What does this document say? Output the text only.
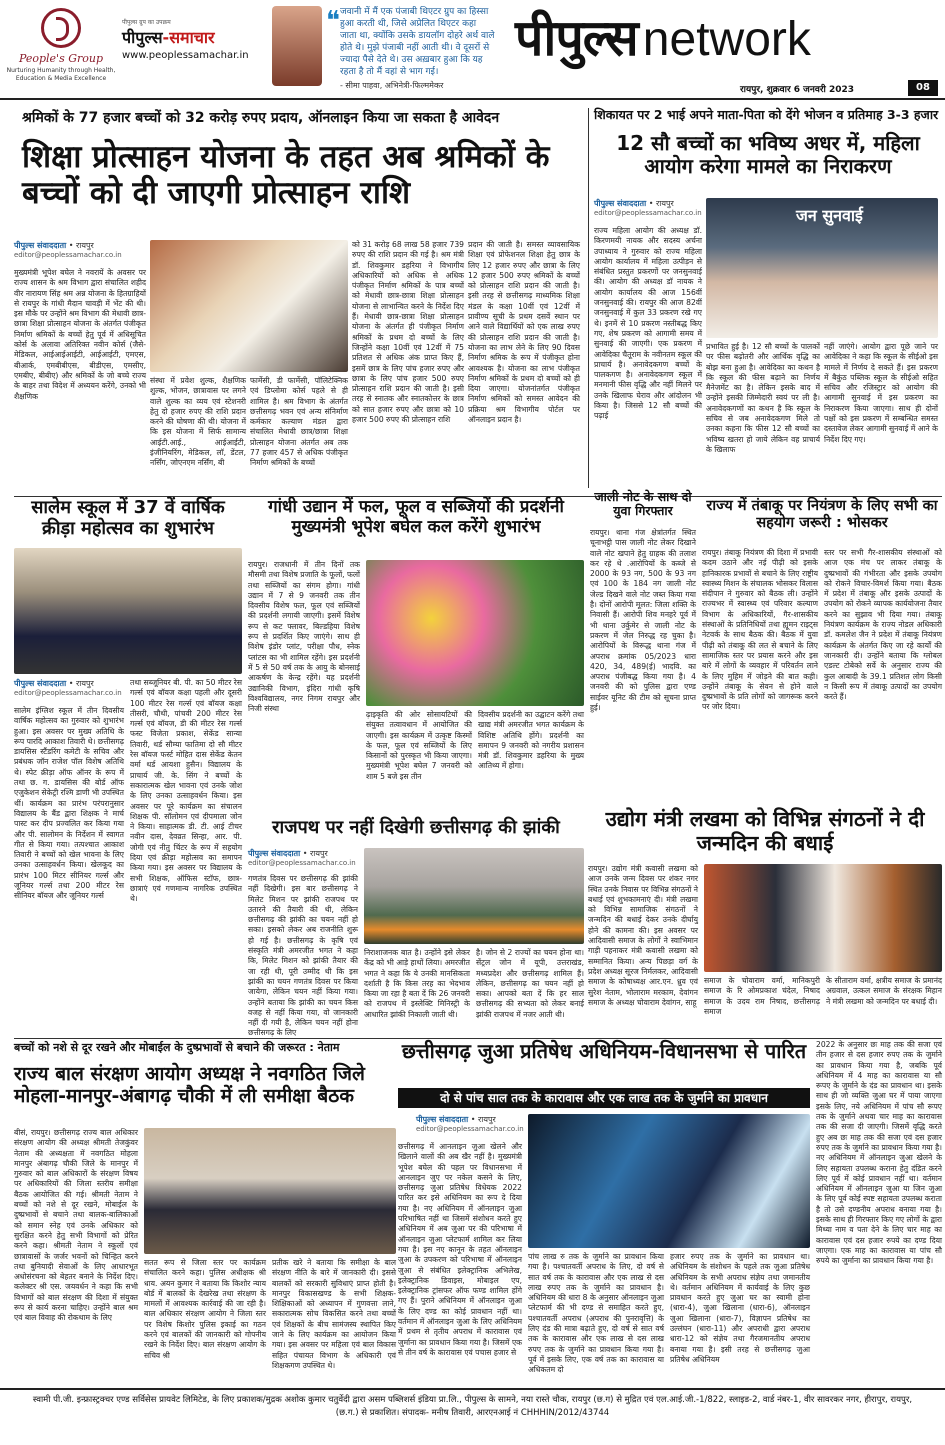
People's Group
Nurturing Humanity through Health, Education & Media Excellence
पीपुल्स ग्रुप का उपक्रम
पीपुल्स-समाचार
www.peoplessamachar.in
❝ जवानी में मैं एक पंजाबी थिएटर ग्रुप का हिस्सा हुआ करती थी, जिसे अप्रेलित थिएटर कहा जाता था, क्योंकि उसके डायलॉग दोहरे अर्थ वाले होते थे। मुझे पंजाबी नहीं आती थी। वे दूसरों से ज्यादा पैसे देते थे। उस अख़बार हुआ कि यह रहता है तो मैं वहां से भाग गई।
- सीमा पाहवा, अभिनेत्री-फिल्ममेकर
पीपुल्स network
रायपुर, शुक्रवार 6 जनवरी 2023	08
श्रमिकों के 77 हजार बच्चों को 32 करोड़ रुपए प्रदाय, ऑनलाइन किया जा सकता है आवेदन
शिक्षा प्रोत्साहन योजना के तहत अब श्रमिकों के बच्चों को दी जाएगी प्रोत्साहन राशि
पीपुल्स संवाददाता • रायपुर
editor@peoplessamachar.co.in
मुख्यमंत्री भूपेश बघेल ने नवरायें के अवसर पर राज्य शासन के श्रम विभाग द्वारा संचालित शहीद वीर नारायण सिंह श्रम अन्न योजना के हितग्राहियों से रायपुर के गांधी मैदान चावड़ी में भेंट की थी। इस मौके पर उन्होंने श्रम विभाग की मेधावी छात्र-छात्रा शिक्षा प्रोत्साहन योजना के अंतर्गत पंजीकृत निर्माण श्रमिकों के बच्चों हेतु पूर्व में अधिसूचित कोर्स के अलावा अतिरिक्त नवीन कोर्स (जैसे-मेडिकल, आईआईआईटी, आईआईटी, एमएस, बीआर्क, एमबीबीएस, बीडीएस, एमसीए, एमबीए, बीबीए) और श्रमिकों के जो बच्चे राज्य के बाहर तथा विदेश में अध्ययन करेंगे, उनको भी शैक्षणिक
संस्था में प्रवेश शुल्क, शैक्षणिक शुल्क, भोजन, छात्रावास पर लगने वाले शुल्क का व्यय एवं स्टेशनरी हेतु दो हजार रुपए की राशि प्रदान करने की घोषणा की थी। योजना में कि इस योजना में सिर्फ सामान्य आईटी.आई., आईआईटी, इंजीनियरिंग, मेडिकल, लॉ, डेंटल, नर्सिंग, जोएनएम नर्सिंग, बी
फार्मेसी, डी फार्मेसी, पॉलिटेक्निक एवं डिप्लोमा कोर्स पहले से ही शामिल है। श्रम विभाग के अंतर्गत छत्तीसगढ़ भवन एवं अन्य संनिर्माण कर्मकार कल्याण मंडल द्वारा संचालित मेधावी छात्र/छात्रा शिक्षा प्रोत्साहन योजना अंतर्गत अब तक 77 हजार 457 से अधिक पंजीकृत निर्माण श्रमिकों के बच्चों
को 31 करोड़ 68 लाख 58 हजार 739 रुपए की राशि प्रदान की गई है। श्रम मंत्री डॉ. शिवकुमार डहरिया ने विभागीय अधिकारियों को अधिक से अधिक पंजीकृत निर्माण श्रमिकों के पात्र बच्चों को मेधावी छात्र-छात्रा शिक्षा प्रोत्साहन योजना से लाभान्वित करने के निर्देश दिए हैं। मेधावी छात्र-छात्रा शिक्षा प्रोत्साहन योजना के अंतर्गत ही पंजीकृत निर्माण श्रमिकों के प्रथम दो बच्चों के लिए जिन्होंने कक्षा 10वीं एवं 12वीं में 75 प्रतिशत से अधिक अंक प्राप्त किए हैं, इसमें छात्र के लिए पांच हजार रुपए और छात्रा के लिए पांच हजार 500 रुपए प्रोत्साहन राशि प्रदान की जाती है। इसी तरह से स्नातक और स्नातकोत्तर के छात्र को सात हजार रुपए और छात्रा को 10 हजार 500 रुपए की प्रोत्साहन राशि
प्रदान की जाती है। समस्त व्यावसायिक शिक्षा एवं प्रोफेशनल शिक्षा हेतु छात्र के लिए 12 हजार रुपए और छात्रा के लिए 12 हजार 500 रुपए श्रमिकों के बच्चों को प्रोत्साहन राशि प्रदान की जाती है। इसी तरह से छत्तीसगढ़ माध्यमिक शिक्षा मंडल के कक्षा 10वीं एवं 12वीं में प्रावीण्य सूची के प्रथम दसवें स्थान पर आने वाले विद्यार्थियों को एक लाख रुपए की प्रोत्साहन राशि प्रदान की जाती है। योजना का लाभ लेने के लिए 90 दिवस निर्माण श्रमिक के रूप में पंजीकृत होना आवश्यक है। योजना का लाभ पंजीकृत निर्माण श्रमिकों के प्रथम दो बच्चों को ही दिया जाएगा। योजनांतर्गत पंजीकृत निर्माण श्रमिकों को समस्त आवेदन की प्रक्रिया श्रम विभागीय पोर्टल पर ऑनलाइन प्रदान है।
शिकायत पर 2 भाई अपने माता-पिता को देंगे भोजन व प्रतिमाह 3-3 हजार
12 सौ बच्चों का भविष्य अधर में, महिला आयोग करेगा मामले का निराकरण
पीपुल्स संवाददाता • रायपुर
editor@peoplessamachar.co.in
राज्य महिला आयोग की अध्यक्ष डॉ. किरणमयी नायक और सदस्य अर्चना उपाध्याय ने गुरुवार को राज्य महिला आयोग कार्यालय में महिला उत्पीड़न से संबंधित प्रस्तुत प्रकरणों पर जनसुनवाई की। आयोग की अध्यक्ष डॉ नायक ने आयोग कार्यालय की आज 156वीं जनसुनवाई की। रायपुर की आज 82वीं जनसुनवाई में कुल 33 प्रकरण रखे गए थे। इनमें से 10 प्रकरण नस्तीबद्ध किए गए, शेष प्रकरण को आगामी समय में सुनवाई की जाएगी। एक प्रकरण में आवेदिका चैतूराम के नवीनतम स्कूल की प्राचार्य है। अनावेदकगण बच्चों के पालकगण है। अनावेदकगण स्कूल में मनमानी फीस वृद्धि और नहीं मिलने पर उनके खिलाफ घेराव और आंदोलन भी किया है। जिससे 12 सौ बच्चों की पढ़ाई
जन सुनवाई
प्रभावित हुई है। 12 सौ बच्चों के पालकों पर फीस बढ़ोतरी और आर्थिक वृद्धि का बोझ बना हुआ है। आवेदिका का कथन है कि स्कूल की फीस बढ़ाने का निर्णय मैनेजमेंट का है। लेकिन इसके बाद में उन्होंने इसकी जिम्मेदारी स्वयं पर ली है। अनावेदकगणों का कथन है कि स्कूल के सचिव से जब अनावेदकगण मिले तो उनका कहना कि फीस 12 सौ बच्चों का भविष्य खतरा हो जाये लेकिन वह प्राचार्य के खिलाफ
नहीं जाएंगे। आयोग द्वारा पूछे जाने पर आवेदिका ने कहा कि स्कूल के सीईओ इस मामले में निर्णय दे सकते हैं। इस प्रकरण में बैकुंठ पब्लिक स्कूल के सीईओ सहित सचिव और रजिस्ट्रार को आयोग की आगामी सुनवाई में इस प्रकरण का निराकरण किया जाएगा। साथ ही दोनों पक्षों को इस प्रकरण में सम्बन्धित समस्त दस्तावेज लेकर आगामी सुनवाई में आने के निर्देश दिए गए।
सालेम स्कूल में 37 वें वार्षिक क्रीड़ा महोत्सव का शुभारंभ
पीपुल्स संवाददाता • रायपुर
editor@peoplessamachar.co.in
सालेम इंग्लिश स्कूल में तीन दिवसीय वार्षिक महोत्सव का गुरुवार को शुभारंभ हुआ। इस अवसर पर मुख्य अतिथि के रूप पारदि आकाश तिवारी थे। छत्तीसगढ़ डायसिस स्टैंडरिंग कमेटी के सचिव और प्रबंधक जॉन राजेश पॉल विशेष अतिथि थे। स्पेट क्रीड़ा ऑफ ऑनर के रूप में तथा छ. ग. डायसिस की बोर्ड ऑफ एजुकेशन सेकेट्री रश्मि डाणी भी उपस्थित थीं। कार्यक्रम का प्रारंभ परंपरानुसार विद्यालय के बैंड द्वारा शिक्षक ने मार्च पास्ट कर दीप प्रज्वलित कर किया गया और पी. सालोमन के निर्देशन में स्वागत गीत से किया गया। तत्पश्चात आकाश तिवारी ने बच्चों को खेल भावना के लिए उनका उत्साहवर्धन किया। खेलकूद का प्रारंभ 100 मिटर सीनियर गर्ल्स और जूनियर गर्ल्स तथा 200 मीटर रेस सीनियर बॉयज और जूनियर गर्ल्स
तथा सब्जूनियर बी. पी. का 50 मीटर रेस गर्ल्स एवं बॉयज कक्षा पहली और दूसरी 100 मीटर रेस गर्ल्स एवं बॉयज कक्षा तीसरी, चौथी, पांचवी 200 मीटर रेस गर्ल्स एवं बॉयज, डी की मीटर रेस गर्ल्स फस्ट विजेता प्रकाश, सेकेंड सान्या तिवारी, थर्ड सौम्या फातिमा दो सौ मीटर रेस बॉयज फर्स्ट मोहित दास सेकेंड केतन वर्मा थर्ड आयशा हुसैन। विद्यालय के प्राचार्य जी. के. सिंग ने बच्चों के सकारात्मक खेल भावना एवं उनके जोश के लिए उनका उत्साहवर्धन किया। इस अवसर पर पूरे कार्यक्रम का संचालन शिक्षक पी. सॉलोमन एवं दीपमाला जोन ने किया। साहात्मक डी. टी. आई टीचर नवीन दास, देवव्रत सिन्हा, आर. पी. जोगी एवं नीतु चिंटर के रूप में सहयोग दिया एवं क्रीड़ा महोत्सव का समापन किया गया। इस अवसर पर विद्यालय के सभी शिक्षक, ऑफिस स्टॉफ, छात्र-छात्राएं एवं गणमान्य नागरिक उपस्थित थे।
गांधी उद्यान में फल, फूल व सब्जियों की प्रदर्शनी मुख्यमंत्री भूपेश बघेल कल करेंगे शुभारंभ
रायपुर। राजधानी में तीन दिनों तक मौसमी तथा विशेष प्रजाति के फूलों, फलों तथा सब्जियों का संगम होगा। गांधी उद्यान में 7 से 9 जनवरी तक तीन दिवसीय विशेष फल, फूल एवं सब्जियों की प्रदर्शनी लगायी जाएगी। इसमें विशेष रूप से कट फ्लावर, बिल्डहिया विशेष रूप से प्रदर्शित किए जाएंगे। साथ ही विशेष इंडोर प्लांट, परीक्षा पौध, स्नेक प्लांटस का भी शामिल रहेंगे। इस प्रदर्शनी में 5 से 50 वर्ष तक के आयु के बोनसाई आकर्षण के केन्द्र रहेंगे। यह प्रदर्शनी उद्यानिकी विभाग, इंदिरा गांधी कृषि विश्वविद्यालय, नगर निगम रायपुर और निजी संस्था
ढ़ाइकृति की ओर सोसायटियों की संयुक्त तत्वावधान में आयोजित की जाएगी। इस कार्यक्रम में उत्कृष्ट किस्मों के फल, फूल एवं सब्जियों के लिए किसानों को पुरस्कृत भी किया जाएगा। मुख्यमंत्री भूपेश बघेल 7 जनवरी को शाम 5 बजे इस तीन
दिवसीय प्रदर्शनी का उद्घाटन करेंगे तथा खाद्य मंत्री अमरजीत भगत कार्यक्रम के विशिष्ट अतिथि होंगे। प्रदर्शनी का समापन 9 जनवरी को नगरीय प्रशासन मंत्री डॉ. शिवकुमार डहरिया के मुख्य आतिथ्य में होगा।
जाली नोट के साथ दो युवा गिरफ्तार
रायपुर। थाना गंज क्षेत्रांतर्गत स्थित चूनाभट्ठी पास जाली नोट लेकर दिखाने वाले नोट खपाने हेतु ग्राहक की तलाश कर रहे थे .आरोपियों के कब्जे से 2000 के 93 नग, 500 के 93 नग एवं 100 के 184 नग जाली नोट जेल्ड दिखने वाले नोट जब्त किया गया है। दोनों आरोपी मूलत: जिला शक्ति के निवासी हैं। आरोपी शिव मनहरे पूर्व में भी थाना उर्कुमेर से जाली नोट के प्रकरण में जेल निरुद्ध रह चुका है। आरोपियों के विरूद्ध थाना गंज में अपराध क्रमांक 05/2023 धारा 420, 34, 489(ई) भादवि. का अपराध पंजीबद्ध किया गया है। 4 जनवरी की को पुलिस द्वारा एण्ड साईवर यूनिट की टीम को सूचना प्राप्त हुई।
राज्य में तंबाकू पर नियंत्रण के लिए सभी का सहयोग जरूरी : भोसकर
रायपुर। तंबाकू नियंत्रण की दिशा में प्रभावी कदम उठाने और नई पीढ़ी को इसके हानिकारक प्रभावों से बचाने के लिए राष्ट्रीय स्वास्थ्य मिशन के संचालक भोसकर विलास संदीपान ने गुरुवार को बैठक ली। उन्होंने राज्यभर में स्वास्थ्य एवं परिवार कल्याण विभाग के अधिकारियों, गैर-शासकीय संस्थाओं के प्रतिनिधियों तथा ह्यूमन राइट्स नेटवर्क के साथ बैठक की। बैठक में युवा पीढ़ी को तंबाकू की लत से बचाने के लिए सामाजिक स्तर पर प्रयास करने और इस बारे में लोगों के व्यवहार में परिवर्तन लाने के लिए मुहिम में जोड़ने की बात कही। उन्होंने तंबाकू के सेवन से होने वाले दुष्प्रभावों के प्रति लोगों को जागरूक करने पर जोर दिया।
स्तर पर सभी गैर-शासकीय संस्थाओं को आज एक मंच पर लाकर तंबाकू के दुष्प्रभावों की गंभीरता और इसके उपयोग को रोकने विचार-विमर्श किया गया। बैठक में प्रदेश में तंबाकू और इसके उत्पादों के उपयोग को रोकने व्यापक कार्ययोजना तैयार करने का सुझाव भी दिया गया। तंबाकू नियंत्रण कार्यक्रम के राज्य नोडल अधिकारी डॉ. कमलेश जैन ने प्रदेश में तंबाकू नियंत्रण कार्यक्रम के अंतर्गत किए जा रहे कार्यों की जानकारी दी। उन्होंने बताया कि ग्लोबल एडल्ट टोबेको सर्वे के अनुसार राज्य की कुल आबादी के 39.1 प्रतिशत लोग किसी न किसी रूप में तंबाकू उत्पादों का उपयोग करते हैं।
राजपथ पर नहीं दिखेगी छत्तीसगढ़ की झांकी
पीपुल्स संवाददाता • रायपुर
editor@peoplessamachar.co.in
गणतंत्र दिवस पर छत्तीसगढ़ की झांकी नहीं दिखेगी। इस बार छत्तीसगढ़ ने मिलेट मिशन पर झांकी राजपथ पर उतारने की तैयारी की थी, लेकिन छत्तीसगढ़ की झांकी का चयन नहीं हो सका। इसको लेकर अब राजनीति शुरू हो गई है। छत्तीसगढ़ के कृषि एवं संस्कृति मंत्री अमरजीत भगत ने कहा कि, मिलेट मिशन को झांकी तैयार की जा रही थी, पूरी उम्मीद थी कि इस झांकी का चयन गणतंत्र दिवस पर किया जायेगा, लेकिन चयन नहीं किया गया। उन्होंने बताया कि झांकी का चयन किस वजह से नहीं किया गया, वो जानकारी नहीं दी गयी है, लेकिन चयन नहीं होना छत्तीसगढ़ के लिए
निराशाजनक बात है। उन्होंने इसे लेकर केंद्र को भी आड़े हाथों लिया। अमरजीत भगत ने कहा कि ये उनकी मानसिकता दर्शाती है कि किस तरह का भेदभाव किया जा रहा है बता दें कि 26 जनवरी को राजपथ में इस्लेक्टि मिनिस्ट्री के आधारित झांकी निकाली जाती थी।
है। जोन से 2 राज्यों का चयन होना था। सेंट्रल जोन में यूपी, उत्तराखंड, मध्यप्रदेश और छत्तीसगढ़ शामिल हैं। लेकिन, छत्तीसगढ़ का चयन नहीं हो सका। आपको बता दें कि हर साल छत्तीसगढ़ की सभ्यता को लेकर बनाई झांकी राजपथ में नजर आती थी।
उद्योग मंत्री लखमा को विभिन्न संगठनों ने दी जन्मदिन की बधाई
रायपुर। उद्योग मंत्री कवासी लखमा को आज उनके जन्म दिवस पर शंकर नगर स्थित उनके निवास पर विभिन्न संगठनों ने बधाई एवं शुभकामनाएं दी। मंत्री लखमा को विभिन्न सामाजिक संगठनों ने जन्मदिन की बधाई देकर उनके दीर्घायु होने की कामना की। इस अवसर पर आदिवासी समाज के लोगों ने स्वाभिमान गाड़ी पहनाकर मंत्री कवासी लखमा को सम्मानित किया। अन्य पिछड़ा वर्ग के प्रदेश अध्यक्ष सूरज निर्मलकर, आदिवासी समाज के कोषाध्यक्ष आर.एन. ध्रुव एवं सुरेश नेताम, भोलाराम मरकाम, देवांगन समाज के अध्यक्ष चोवाराम देवांगन, साहू
समाज के चोवाराम वर्मा, मानिकपुरी समाज के रि ओमप्रकाश चंदेल, निषाद समाज के उदय राम निषाद, छत्तीसगढ़ समाज
के सीताराम वर्मा, क्षत्रीय समाज के प्रमानंद अग्रवाल, उत्कल समाज के संरक्षक मिहान ने मंत्री लखमा को जन्मदिन पर बधाई दी।
बच्चों को नशे से दूर रखने और मोबाईल के दुष्प्रभावों से बचाने की जरूरत : नेताम
राज्य बाल संरक्षण आयोग अध्यक्ष ने नवगठित जिले मोहला-मानपुर-अंबागढ़ चौकी में ली समीक्षा बैठक
बीसं, रायपुर। छत्तीसगढ़ राज्य बाल अधिकार संरक्षण आयोग की अध्यक्ष श्रीमती तेजकुंवर नेताम की अध्यक्षता में नवगठित मोहला मानपुर अंबागढ़ चौकी जिले के मानपुर में गुरुवार को बाल अधिकारों के संरक्षण विषय पर अधिकारियों की जिला स्तरीय समीक्षा बैठक आयोजित की गई। श्रीमती नेताम ने बच्चों को नशे से दूर रखने, मोबाईल के दुष्प्रभावों से बचाने तथा बालक-बालिकाओं को समान स्नेह एवं उनके अधिकार को सुरक्षित करने हेतु सभी विभागों को प्रेरित करने कहा। श्रीमती नेताम ने स्कूलों एवं छात्रावासों के जर्जर भवनों को चिन्हित करने तथा बुनियादी सेवाओं के लिए आधारभूत अधोसंरचना को बेहतर बनाने के निर्देश दिए। कलेक्टर श्री एस. जयवर्धन ने कहा कि सभी विभागों को बाल संरक्षण की दिशा में संयुक्त रूप से कार्य करना चाहिए। उन्होंने बाल श्रम एवं बाल विवाह की रोकथाम के लिए
सतत रूप से जिला स्तर पर कार्यक्रम संचालित करने कहा। पुलिस अधीक्षक श्री धाय. अयन कुमार ने बताया कि किशोर न्याय बोर्ड में बालकों के देखरेख तथा संरक्षण के मामलों में आवश्यक कार्रवाई की जा रही है। बाल अधिकार संरक्षण आयोग ने जिला स्तर पर विशेष किशोर पुलिस इकाई का गठन करने एवं बालकों की जानकारी को गोपनीय रखने के निर्देश दिए। बाल संरक्षण आयोग के सचिव श्री
प्रतीक खरे ने बताया कि समीक्षा के बाल संरक्षण नीति के बारे में जानकारी दी। इससे बालकों को सरकारी सुविधाएं प्राप्त होती है। मानपुर विकासखण्ड के सभी शिक्षक-शिक्षिकाओं को अध्यापन में गुणवत्ता लाने, सकारात्मक सोच विकसित करने तथा बच्चों एवं शिक्षकों के बीच सामंजस्य स्थापित किए जाने के लिए कार्यक्रम का आयोजन किया गया। इस अवसर पर महिला एवं बाल विकास सहित पंचायत विभाग के अधिकारी एवं शिक्षकगण उपस्थित थे।
छत्तीसगढ़ जुआ प्रतिषेध अधिनियम-विधानसभा से पारित
दो से पांच साल तक के कारावास और एक लाख तक के जुर्माने का प्रावधान
पीपुल्स संवाददाता • रायपुर
editor@peoplessamachar.co.in
छत्तीसगढ़ में आनलाइन जुआ खेलने और खिलाने वालों की अब खैर नहीं है। मुख्यमंत्री भूपेश बघेल की पहल पर विधानसभा में आनलाइन जुए पर नकेल कसने के लिए, छत्तीसगढ़ जुआ प्रतिषेध विधेयक 2022 पारित कर इसे अधिनियम का रूप दे दिया गया है। नए अधिनियम में ऑनलाइन जुआ परिभाषित नहीं था जिसमें संशोधन करते हुए अधिनियम में अब जुआ पर की परिभाषा में ऑनलाइन जुआ प्लेटफार्म शामिल कर लिया गया है। इस नए कानून के तहत ऑनलाइन जुआ के उपकरण को परिभाषा में ऑनलाइन जुआ से संबंधित इलेक्ट्रानिक अभिलेख, इलेक्ट्रानिक डिवाइस, मोबाइल एप, इलेक्ट्रानिक ट्रांसफर ऑफ फण्ड शामिल होंगे गए हैं। पुराने अधिनियम में ऑनलाइन जुआ के लिए दण्ड का कोई प्रावधान नहीं था। वर्तमान में ऑनलाइन जुआ के लिए अधिनियम में प्रथम से तृतीय अपराध में कारावास एवं जुर्माना का प्रावधान किया गया है। जिसमें एक से तीन वर्ष के कारावास एवं पचास हजार से
पांच लाख रु तक के जुर्माने का प्रावधान किया गया है। पश्चातवर्ती अपराध के लिए, दो वर्ष से सात वर्ष तक के कारावास और एक लाख से दस लाख रुपए तक के जुर्माने का प्रावधान है। अधिनियम की धारा 8 के अनुसार ऑनलाइन जुआ प्लेटफार्म की भी दण्ड से समाहित करते हुए, पश्चातवर्ती अपराध (अपराध की पुनरावृत्ति) के लिए दंड की मात्रा बढ़ाते हुए, दो वर्ष से सात वर्ष तक के कारावास और एक लाख से दस लाख रुपए तक के जुर्माने का प्रावधान किया गया है। पूर्व में इसके लिए, एक वर्ष तक का कारावास या अधिकतम दो
हजार रुपए तक के जुर्माने का प्रावधान था। अधिनियम के संशोधन के पहले तक जुआ प्रतिषेध अधिनियम के सभी अपराध संज्ञेय तथा जमानतीय थे। वर्तमान अधिनियम में कार्यवाई के लिए कुछ प्रावधान करते हुए जुआ घर का स्वामी होना (धारा-4), जुआ खिलाना (धारा-6), ऑनलाइन जुआ खिलाना (धारा-7), विज्ञापन प्रतिषेध का उल्लंघन (धारा-11) और अपराधी द्वारा अपराध धारा-12 को संज्ञेय तथा गैरजमानतीय अपराध बनाया गया है। इसी तरह से छत्तीसगढ़ जुआ प्रतिषेध अधिनियम
2022 के अनुसार छः माह तक की सजा एवं तीन हजार से दस हजार रुपए तक के जुर्माने का प्रावधान किया गया है, जबकि पूर्व अधिनियम में 4 माह का कारावास या सौ रूपए के जुर्माने के दंड का प्रावधान था। इसके साथ ही जो व्यक्ति जुआ घर में पाया जाएगा इसके लिए, नये अधिनियम में पांच सौ रूपए तक के जुर्माने अथवा चार माह का कारावास तक की सजा दी जाएगी। जिसमें वृद्धि करते हुए अब छः माह तक की सजा एवं दस हजार रुपए तक के जुर्माने का प्रावधान किया गया है। नए अधिनियम में ऑनलाइन जुआ खेलने के लिए सहायता उपलब्ध कराना हेतु दंडित करने लिए पूर्व में कोई प्रावधान नहीं था। वर्तमान अधिनियम में ऑनलाइन जुआ या जिन जुआ के लिए पूर्व कोई स्पष्ट सहायता उपलब्ध कराता है तो उसे दण्डनीय अपराध बनाया गया है। इसके साथ ही गिरफ्तार किए गए लोगों के द्वारा मिथ्या नाम व पता देने के लिए चार माह का कारावास एवं दस हजार रुपये का दण्ड दिया जाएगा। एक माह का कारावास या पांच सौ रुपये का जुर्माना का प्रावधान किया गया है।
स्वामी पी.जी. इन्फ्रास्ट्रक्चर एण्ड सर्विसेस प्रायवेट लिमिटेड, के लिए प्रकाशक/मुद्रक अशोक कुमार चतुर्वेदी द्वारा असम पब्लिशर्स इंडिया प्रा.लि., पीपुल्स के सामने, नया रास्ते चौक, रायपुर (छ.ग) से मुद्रित एवं एल.आई.जी.-1/822, स्लाइड-2, वार्ड नंबर-1, वीर सावरकर नगर, हीरापुर, रायपुर,
(छ.ग.) से प्रकाशित। संपादक- मनीष तिवारी, आरएनआई नं CHHHIN/2012/43744
